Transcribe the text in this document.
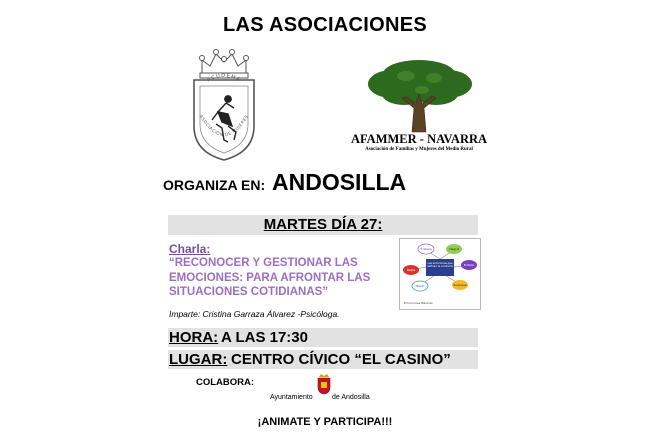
LAS ASOCIACIONES
ACUDEMA
ASOCIACIÓN DE MUJERES
AFAMMER - NAVARRA
Asociación de Familias y Mujeres del Medio Rural
ORGANIZA EN: ANDOSILLA
MARTES DÍA 27:
Charla:
“RECONOCER Y GESTIONAR LAS EMOCIONES: PARA AFRONTAR LAS SITUACIONES COTIDIANAS”
Imparte: Cristina Garraza Álvarez -Psicóloga.
Las emociones que definen la conducta
Tristeza	Alegría
Rabia
Enfado
Miedo	Sorpresa
Emociones Básicas
HORA: A LAS 17:30
LUGAR: CENTRO CÍVICO “EL CASINO”
COLABORA:
Ayuntamiento	de Andosilla
¡ANIMATE Y PARTICIPA!!!
